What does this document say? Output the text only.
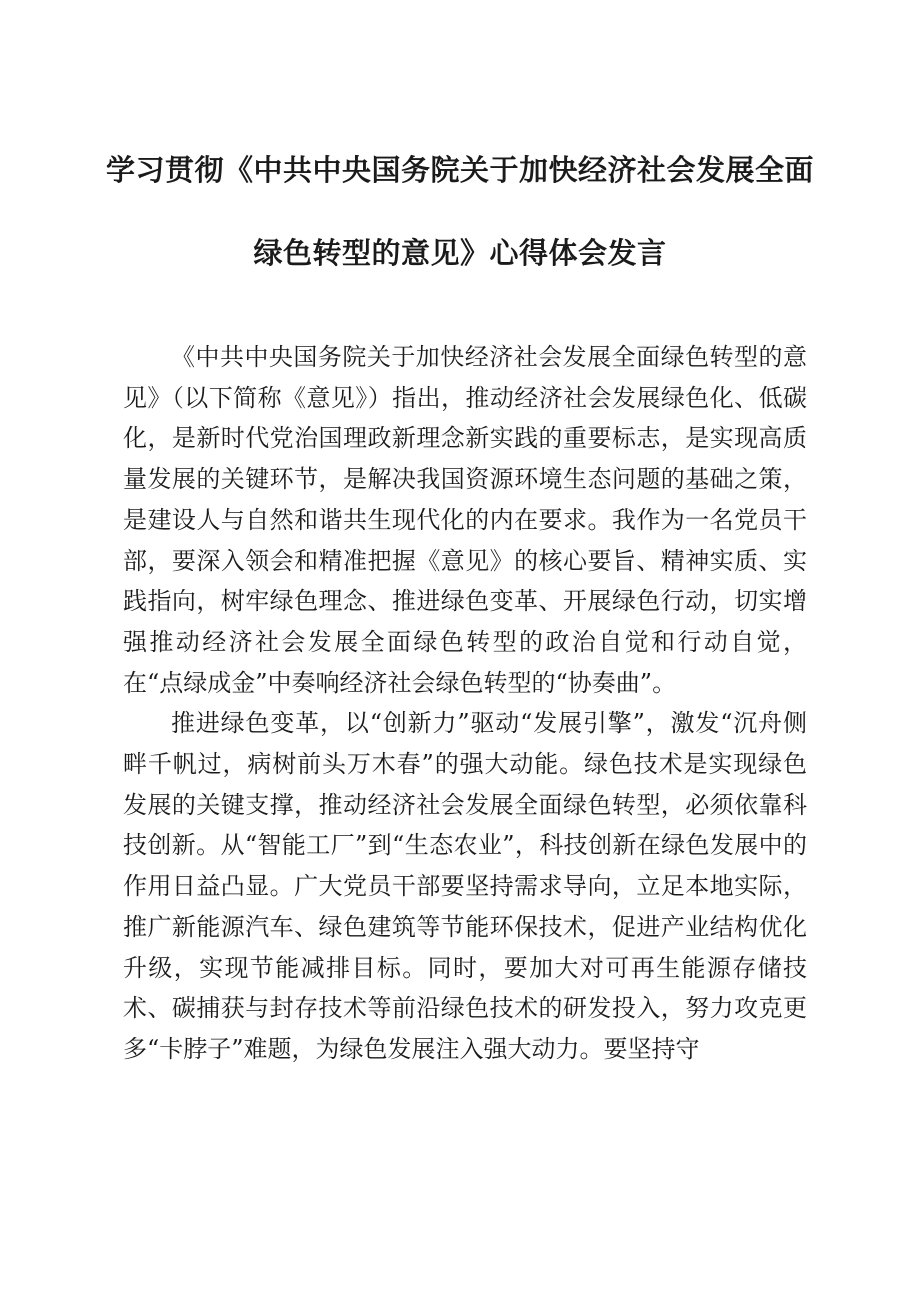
学习贯彻《中共中央国务院关于加快经济社会发展全面
绿色转型的意见》心得体会发言

《中共中央国务院关于加快经济社会发展全面绿色转型的意见》（以下简称《意见》）指出，推动经济社会发展绿色化、低碳化，是新时代党治国理政新理念新实践的重要标志，是实现高质量发展的关键环节，是解决我国资源环境生态问题的基础之策，是建设人与自然和谐共生现代化的内在要求。我作为一名党员干部，要深入领会和精准把握《意见》的核心要旨、精神实质、实践指向，树牢绿色理念、推进绿色变革、开展绿色行动，切实增强推动经济社会发展全面绿色转型的政治自觉和行动自觉，在“点绿成金”中奏响经济社会绿色转型的“协奏曲”。

推进绿色变革，以“创新力”驱动“发展引擎”，激发“沉舟侧畔千帆过，病树前头万木春”的强大动能。绿色技术是实现绿色发展的关键支撑，推动经济社会发展全面绿色转型，必须依靠科技创新。从“智能工厂”到“生态农业”，科技创新在绿色发展中的作用日益凸显。广大党员干部要坚持需求导向，立足本地实际，推广新能源汽车、绿色建筑等节能环保技术，促进产业结构优化升级，实现节能减排目标。同时，要加大对可再生能源存储技术、碳捕获与封存技术等前沿绿色技术的研发投入，努力攻克更多“卡脖子”难题，为绿色发展注入强大动力。要坚持守
